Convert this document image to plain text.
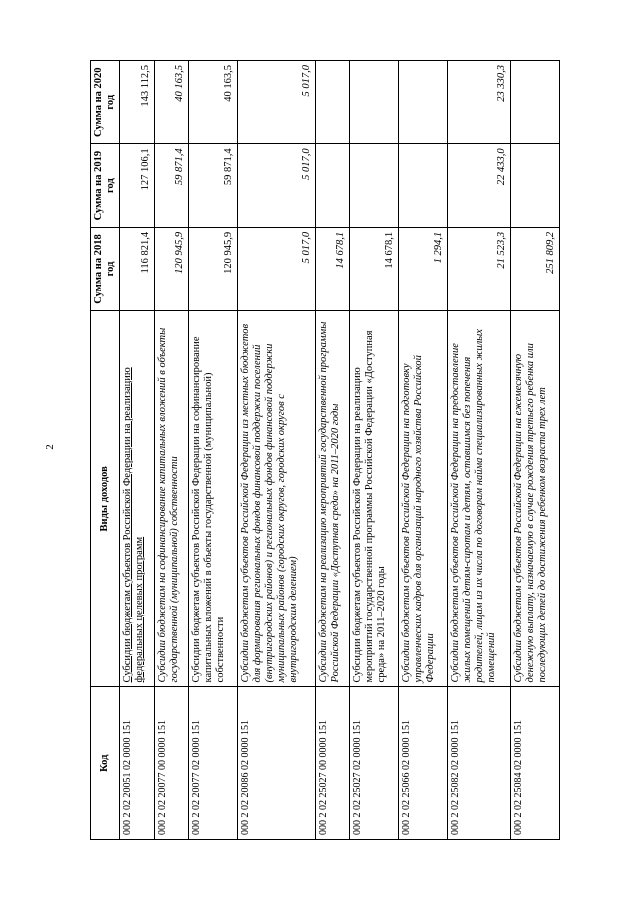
2
Код	Виды доходов	Сумма на 2018 год	Сумма на 2019 год	Сумма на 2020 год
000 2 02 20051 02 0000 151	Субсидии бюджетам субъектов Российской Федерации на реализацию федеральных целевых программ	116 821,4	127 106,1	143 112,5
000 2 02 20077 00 0000 151	Субсидии бюджетам на софинансирование капитальных вложений в объекты государственной (муниципальной) собственности	120 945,9	59 871,4	40 163,5
000 2 02 20077 02 0000 151	Субсидии бюджетам субъектов Российской Федерации на софинансирование капитальных вложений в объекты государственной (муниципальной) собственности	120 945,9	59 871,4	40 163,5
000 2 02 20086 02 0000 151	Субсидии бюджетам субъектов Российской Федерации из местных бюджетов для формирования региональных фондов финансовой поддержки поселений (внутригородских районов) и региональных фондов финансовой поддержки муниципальных районов (городских округов, городских округов с внутригородским делением)	5 017,0	5 017,0	5 017,0
000 2 02 25027 00 0000 151	Субсидии бюджетам на реализацию мероприятий государственной программы Российской Федерации «Доступная среда» на 2011–2020 годы	14 678,1		
000 2 02 25027 02 0000 151	Субсидии бюджетам субъектов Российской Федерации на реализацию мероприятий государственной программы Российской Федерации «Доступная среда» на 2011–2020 годы	14 678,1		
000 2 02 25066 02 0000 151	Субсидии бюджетам субъектов Российской Федерации на подготовку управленческих кадров для организаций народного хозяйства Российской Федерации	1 294,1		
000 2 02 25082 02 0000 151	Субсидии бюджетам субъектов Российской Федерации на предоставление жилых помещений детям-сиротам и детям, оставшимся без попечения родителей, лицам из их числа по договорам найма специализированных жилых помещений	21 523,3	22 433,0	23 330,3
000 2 02 25084 02 0000 151	Субсидии бюджетам субъектов Российской Федерации на ежемесячную денежную выплату, назначаемую в случае рождения третьего ребенка или последующих детей до достижения ребенком возраста трех лет	251 809,2		
